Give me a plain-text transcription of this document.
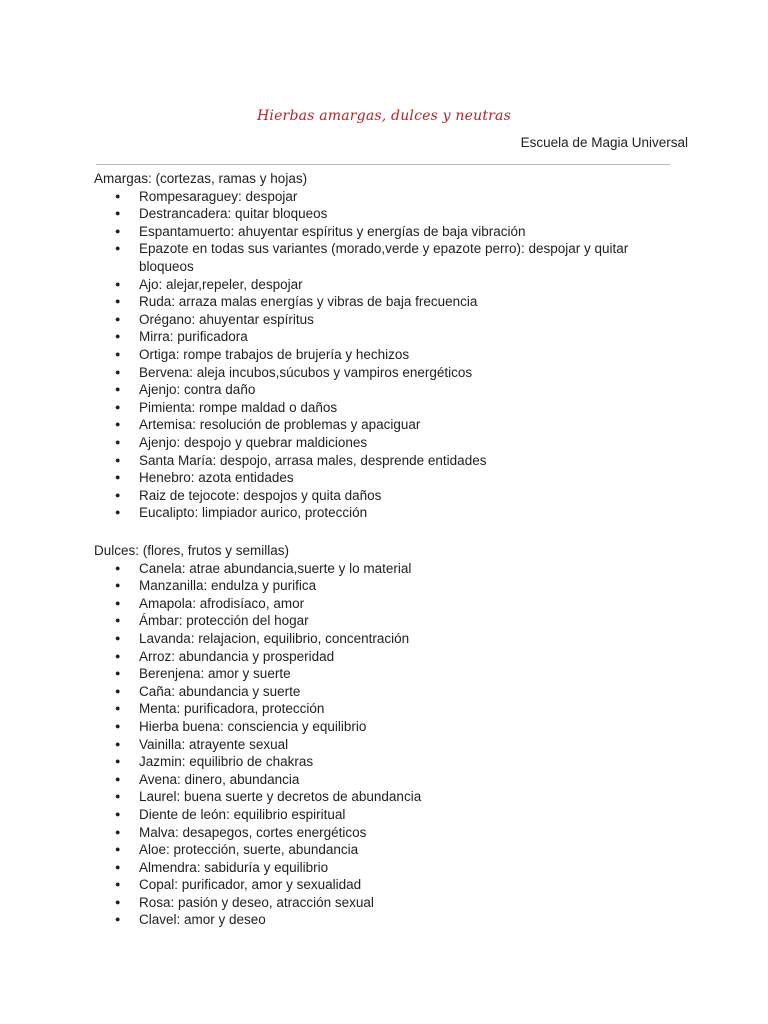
Hierbas amargas, dulces y neutras
Escuela de Magia Universal
Amargas: (cortezas, ramas y hojas)
● Rompesaraguey: despojar
● Destrancadera: quitar bloqueos
● Espantamuerto: ahuyentar espíritus y energías de baja vibración
● Epazote en todas sus variantes (morado,verde y epazote perro): despojar y quitar bloqueos
● Ajo: alejar,repeler, despojar
● Ruda: arraza malas energías y vibras de baja frecuencia
● Orégano: ahuyentar espíritus
● Mirra: purificadora
● Ortiga: rompe trabajos de brujería y hechizos
● Bervena: aleja incubos,súcubos y vampiros energéticos
● Ajenjo: contra daño
● Pimienta: rompe maldad o daños
● Artemisa: resolución de problemas y apaciguar
● Ajenjo: despojo y quebrar maldiciones
● Santa María: despojo, arrasa males, desprende entidades
● Henebro: azota entidades
● Raiz de tejocote: despojos y quita daños
● Eucalipto: limpiador aurico, protección
Dulces: (flores, frutos y semillas)
● Canela: atrae abundancia,suerte y lo material
● Manzanilla: endulza y purifica
● Amapola: afrodisíaco, amor
● Ámbar: protección del hogar
● Lavanda: relajacion, equilibrio, concentración
● Arroz: abundancia y prosperidad
● Berenjena: amor y suerte
● Caña: abundancia y suerte
● Menta: purificadora, protección
● Hierba buena: consciencia y equilibrio
● Vainilla: atrayente sexual
● Jazmin: equilibrio de chakras
● Avena: dinero, abundancia
● Laurel: buena suerte y decretos de abundancia
● Diente de león: equilibrio espiritual
● Malva: desapegos, cortes energéticos
● Aloe: protección, suerte, abundancia
● Almendra: sabiduría y equilibrio
● Copal: purificador, amor y sexualidad
● Rosa: pasión y deseo, atracción sexual
● Clavel: amor y deseo
